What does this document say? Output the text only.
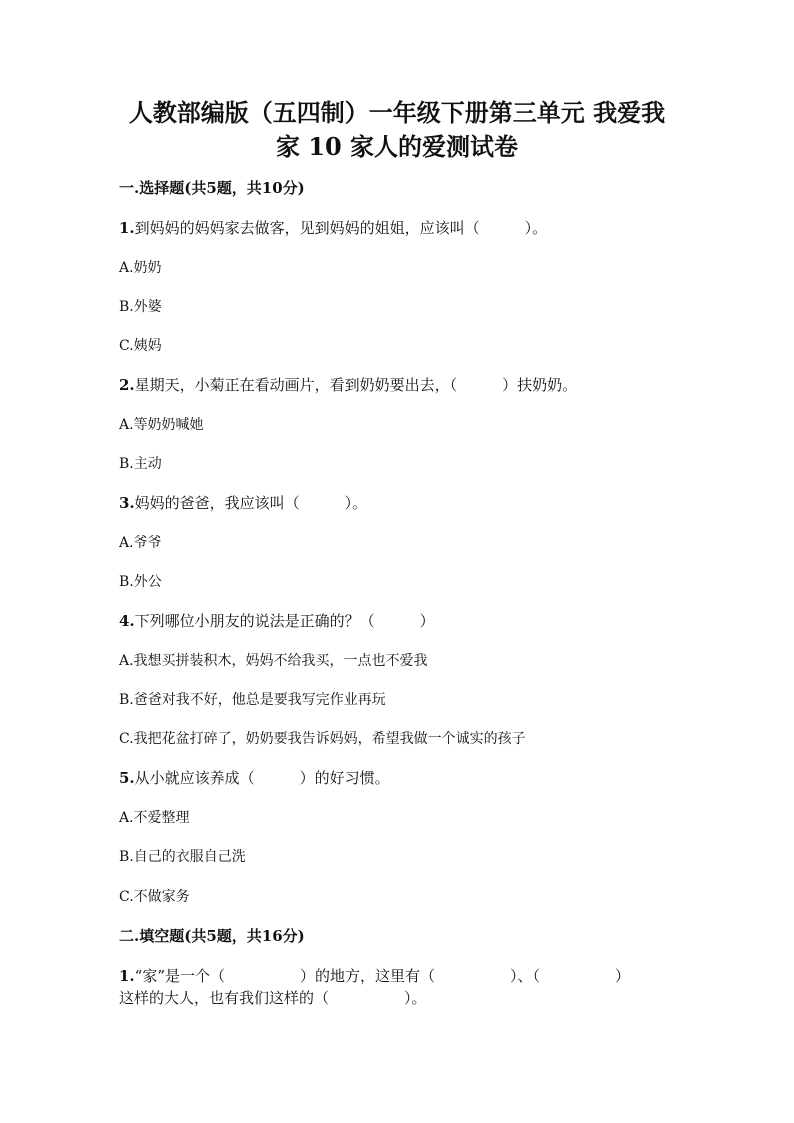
人教部编版（五四制）一年级下册第三单元 我爱我
家 10 家人的爱测试卷

一.选择题(共5题，共10分)

1.到妈妈的妈妈家去做客，见到妈妈的姐姐，应该叫（　　　）。

A.奶奶

B.外婆

C.姨妈

2.星期天，小菊正在看动画片，看到奶奶要出去，（　　　）扶奶奶。

A.等奶奶喊她

B.主动

3.妈妈的爸爸，我应该叫（　　　）。

A.爷爷

B.外公

4.下列哪位小朋友的说法是正确的？（　　　）

A.我想买拼装积木，妈妈不给我买，一点也不爱我

B.爸爸对我不好，他总是要我写完作业再玩

C.我把花盆打碎了，奶奶要我告诉妈妈，希望我做一个诚实的孩子

5.从小就应该养成（　　　）的好习惯。

A.不爱整理

B.自己的衣服自己洗

C.不做家务

二.填空题(共5题，共16分)

1.“家”是一个（　　　　　）的地方，这里有（　　　　　）、（　　　　　）

这样的大人，也有我们这样的（　　　　　）。
